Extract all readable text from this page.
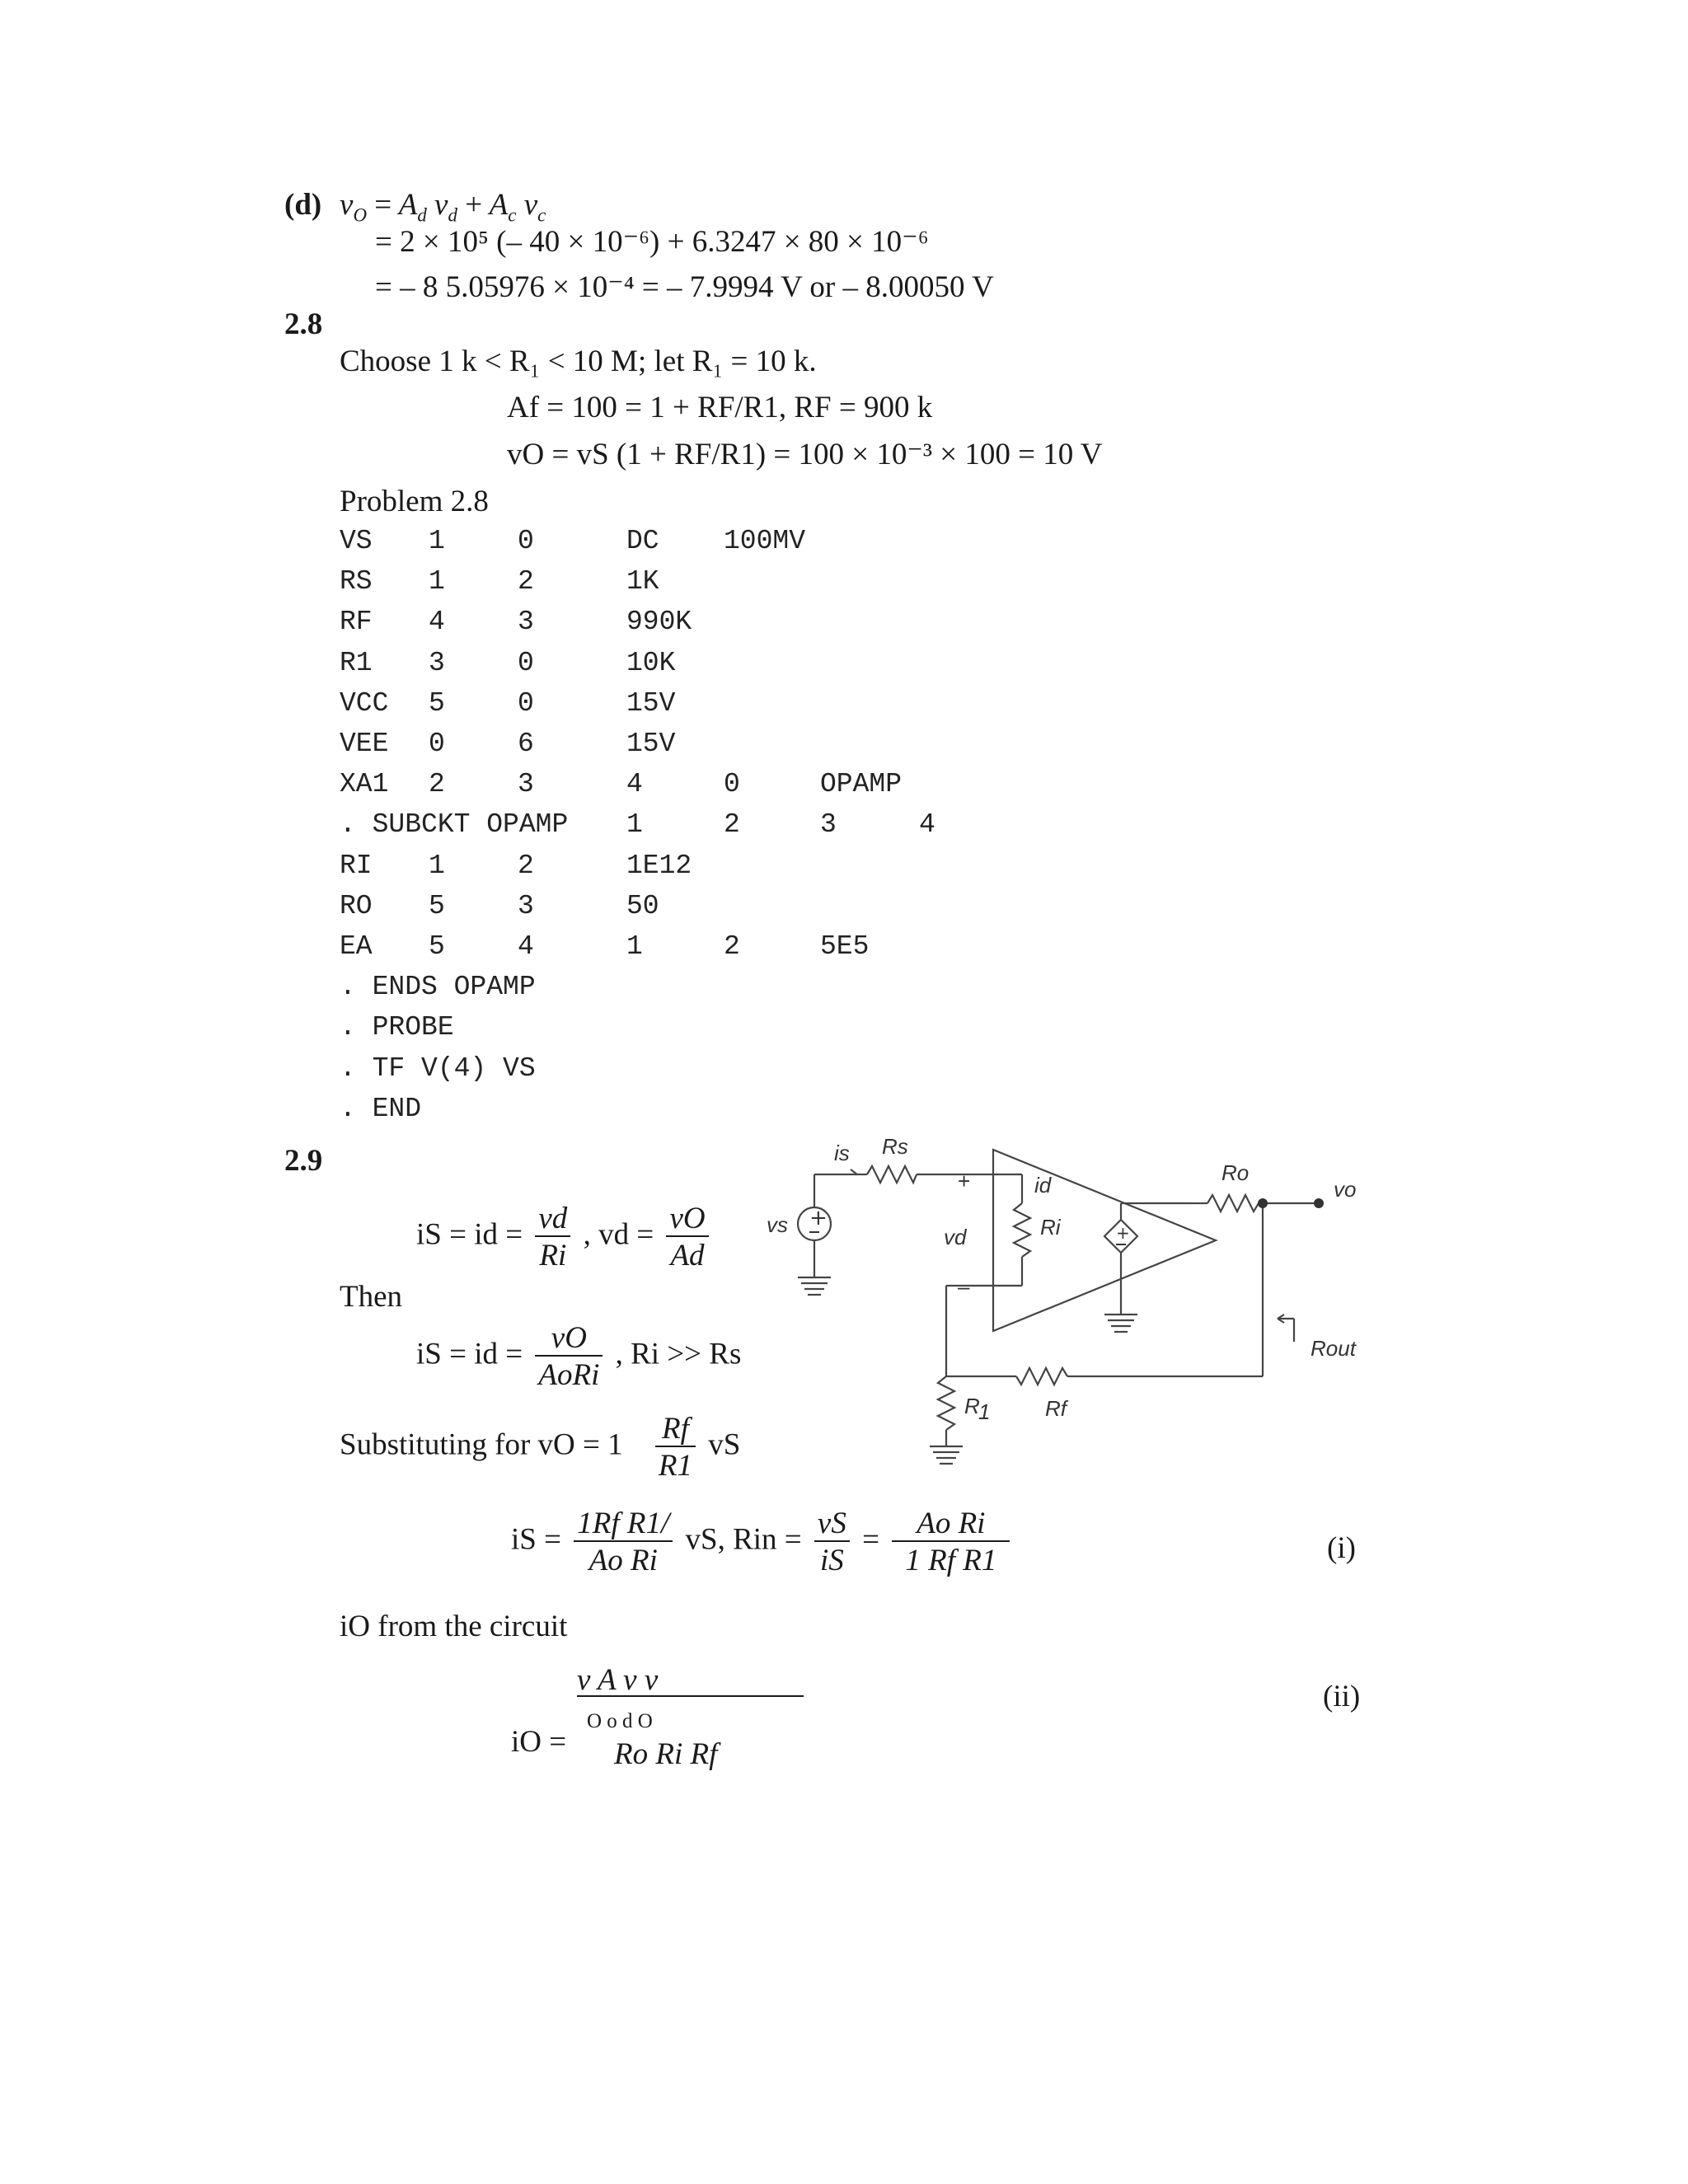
(d) $v_O = A_d$ $v_d + A_c$ $v_c$
= 2 × 10⁵ (– 40 × 10⁻⁶) + 6.3247 × 80 × 10⁻⁶
= – 8 5.05976 × 10⁻⁴ = – 7.9994 V or – 8.00050 V
2.8
Choose 1 k < R₁ < 10 M; let R₁ = 10 k.
Af = 100 = 1 + RF/R1, RF = 900 k
vO = vS (1 + RF/R1) = 100 × 10⁻³ × 100 = 10 V
Problem 2.8
VS 1	0	DC 100MV
RS 1	2	1K
RF 4	3	990K
R1 3	0	10K
VCC 5	0	15V
VEE 0	6	15V
XA1 2	3	4	0	OPAMP
. SUBCKT OPAMP 1	2	3	4
RI 1	2	1E12
RO 5	3	50
EA 5	4	1	2	5E5
. ENDS OPAMP
. PROBE
. TF V(4) VS
. END
2.9
iS = id = $\frac{vd}{Ri}$ , vd = $\frac{vO}{Ad}$
Then
iS = id = $\frac{vO}{\text{AoRi}}$ , Ri >> Rs
Substituting for vO = $1 \frac{Rf}{R1}$ vS
iS = $\frac{\text{1Rf R1/}}{\text{Ao Ri}}$ vS, Rin = $\frac{vS}{iS} = \frac{\text{Ao Ri}}{\text{1 Rf R1}}$	(i)
iO from the circuit
iO =
v A v v
O o d O
Ro Ri Rf
(ii)
+
+
is Rs
vs
+
–
vd
id
Ri
Ro
vo
Rout
Rf
R
1
